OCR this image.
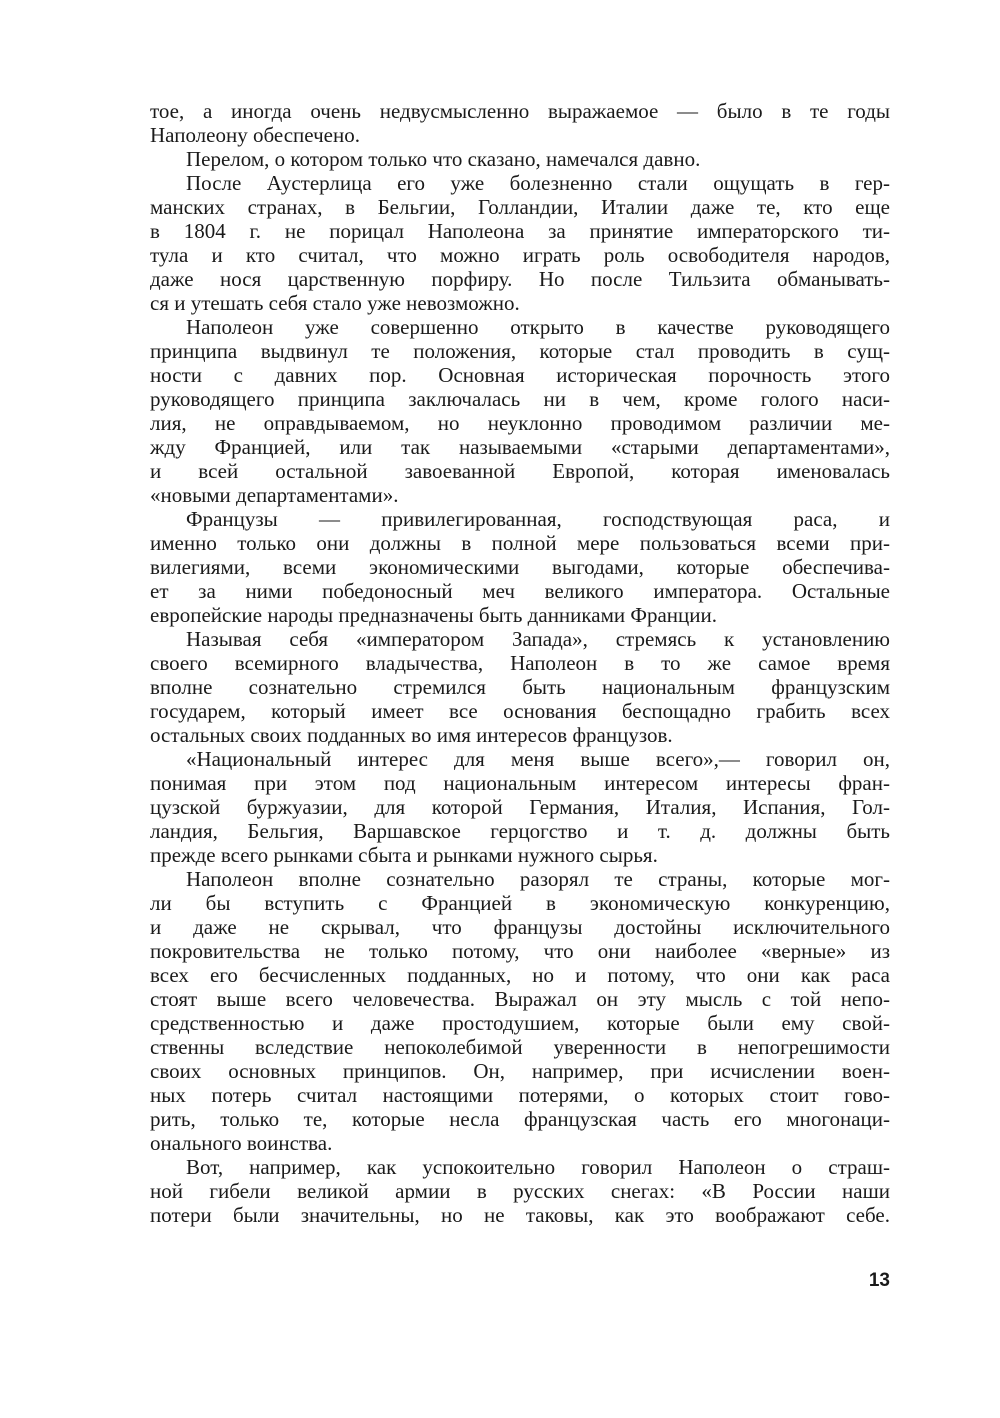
тое, а иногда очень недвусмысленно выражаемое — было в те годы
Наполеону обеспечено.
Перелом, о котором только что сказано, намечался давно.
После Аустерлица его уже болезненно стали ощущать в гер-
манских странах, в Бельгии, Голландии, Италии даже те, кто еще
в 1804 г. не порицал Наполеона за принятие императорского ти-
тула и кто считал, что можно играть роль освободителя народов,
даже нося царственную порфиру. Но после Тильзита обманывать-
ся и утешать себя стало уже невозможно.
Наполеон уже совершенно открыто в качестве руководящего
принципа выдвинул те положения, которые стал проводить в сущ-
ности с давних пор. Основная историческая порочность этого
руководящего принципа заключалась ни в чем, кроме голого наси-
лия, не оправдываемом, но неуклонно проводимом различии ме-
жду Францией, или так называемыми «старыми департаментами»,
и всей остальной завоеванной Европой, которая именовалась
«новыми департаментами».
Французы — привилегированная, господствующая раса, и
именно только они должны в полной мере пользоваться всеми при-
вилегиями, всеми экономическими выгодами, которые обеспечива-
ет за ними победоносный меч великого императора. Остальные
европейские народы предназначены быть данниками Франции.
Называя себя «императором Запада», стремясь к установлению
своего всемирного владычества, Наполеон в то же самое время
вполне сознательно стремился быть национальным французским
государем, который имеет все основания беспощадно грабить всех
остальных своих подданных во имя интересов французов.
«Национальный интерес для меня выше всего»,— говорил он,
понимая при этом под национальным интересом интересы фран-
цузской буржуазии, для которой Германия, Италия, Испания, Гол-
ландия, Бельгия, Варшавское герцогство и т. д. должны быть
прежде всего рынками сбыта и рынками нужного сырья.
Наполеон вполне сознательно разорял те страны, которые мог-
ли бы вступить с Францией в экономическую конкуренцию,
и даже не скрывал, что французы достойны исключительного
покровительства не только потому, что они наиболее «верные» из
всех его бесчисленных подданных, но и потому, что они как раса
стоят выше всего человечества. Выражал он эту мысль с той непо-
средственностью и даже простодушием, которые были ему свой-
ственны вследствие непоколебимой уверенности в непогрешимости
своих основных принципов. Он, например, при исчислении воен-
ных потерь считал настоящими потерями, о которых стоит гово-
рить, только те, которые несла французская часть его многонаци-
онального воинства.
Вот, например, как успокоительно говорил Наполеон о страш-
ной гибели великой армии в русских снегах: «В России наши
потери были значительны, но не таковы, как это воображают себе.
13
